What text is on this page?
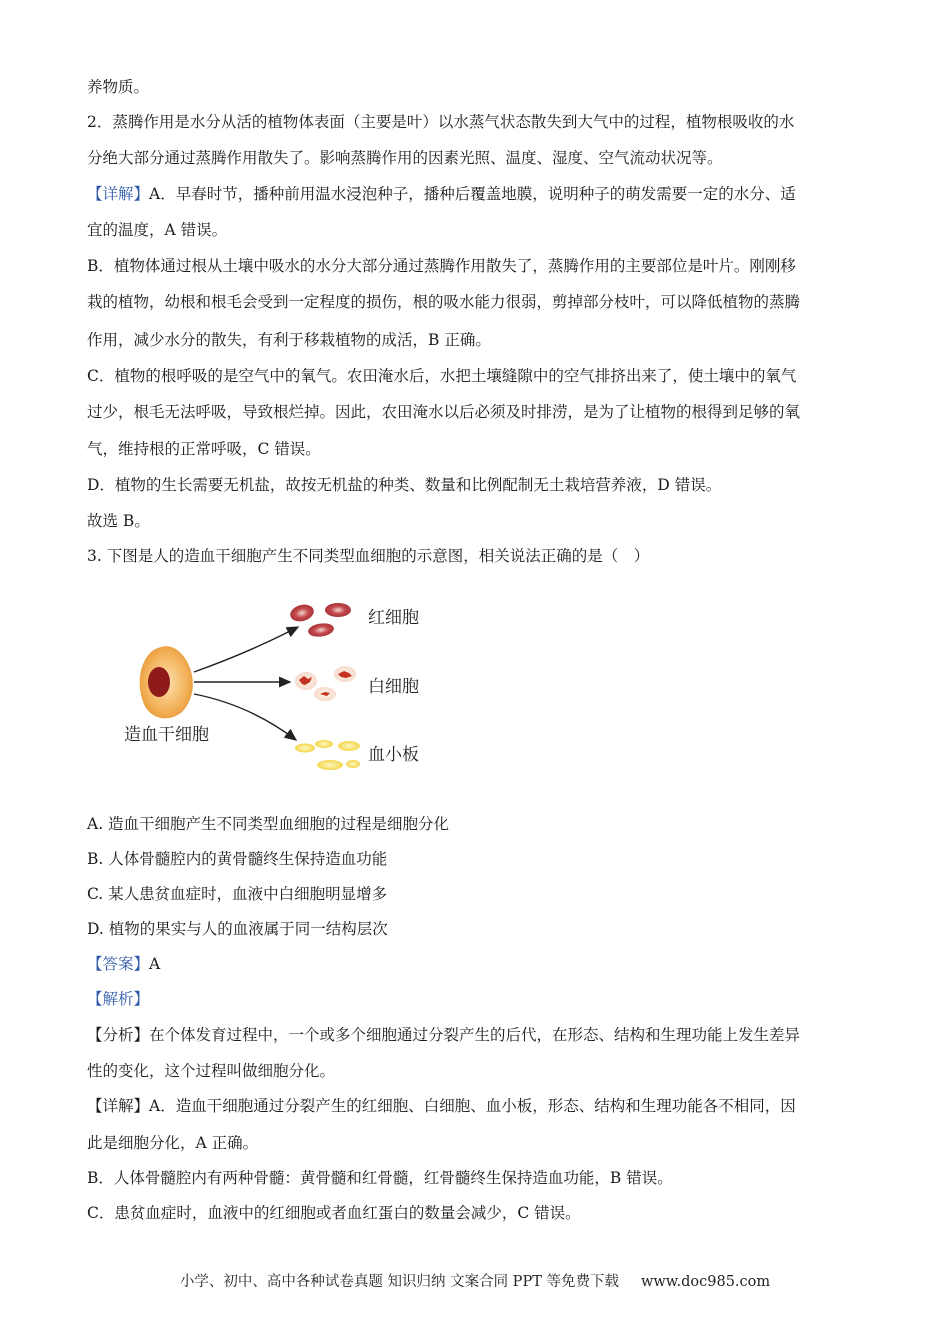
养物质。
2．蒸腾作用是水分从活的植物体表面（主要是叶）以水蒸气状态散失到大气中的过程，植物根吸收的水
分绝大部分通过蒸腾作用散失了。影响蒸腾作用的因素光照、温度、湿度、空气流动状况等。
【详解】A．早春时节，播种前用温水浸泡种子，播种后覆盖地膜，说明种子的萌发需要一定的水分、适
宜的温度，A 错误。
B．植物体通过根从土壤中吸水的水分大部分通过蒸腾作用散失了，蒸腾作用的主要部位是叶片。刚刚移
栽的植物，幼根和根毛会受到一定程度的损伤，根的吸水能力很弱，剪掉部分枝叶，可以降低植物的蒸腾
作用，减少水分的散失，有利于移栽植物的成活，B 正确。
C．植物的根呼吸的是空气中的氧气。农田淹水后，水把土壤缝隙中的空气排挤出来了，使土壤中的氧气
过少，根毛无法呼吸，导致根烂掉。因此，农田淹水以后必须及时排涝，是为了让植物的根得到足够的氧
气，维持根的正常呼吸，C 错误。
D．植物的生长需要无机盐，故按无机盐的种类、数量和比例配制无土栽培营养液，D 错误。
故选 B。
3. 下图是人的造血干细胞产生不同类型血细胞的示意图，相关说法正确的是（　）
红细胞
白细胞
造血干细胞
血小板
A. 造血干细胞产生不同类型血细胞的过程是细胞分化
B. 人体骨髓腔内的黄骨髓终生保持造血功能
C. 某人患贫血症时，血液中白细胞明显增多
D. 植物的果实与人的血液属于同一结构层次
【答案】A
【解析】
【分析】在个体发育过程中，一个或多个细胞通过分裂产生的后代，在形态、结构和生理功能上发生差异
性的变化，这个过程叫做细胞分化。
【详解】A．造血干细胞通过分裂产生的红细胞、白细胞、血小板，形态、结构和生理功能各不相同，因
此是细胞分化，A 正确。
B．人体骨髓腔内有两种骨髓：黄骨髓和红骨髓，红骨髓终生保持造血功能，B 错误。
C．患贫血症时，血液中的红细胞或者血红蛋白的数量会减少，C 错误。
小学、初中、高中各种试卷真题 知识归纳 文案合同 PPT 等免费下载 www.doc985.com
